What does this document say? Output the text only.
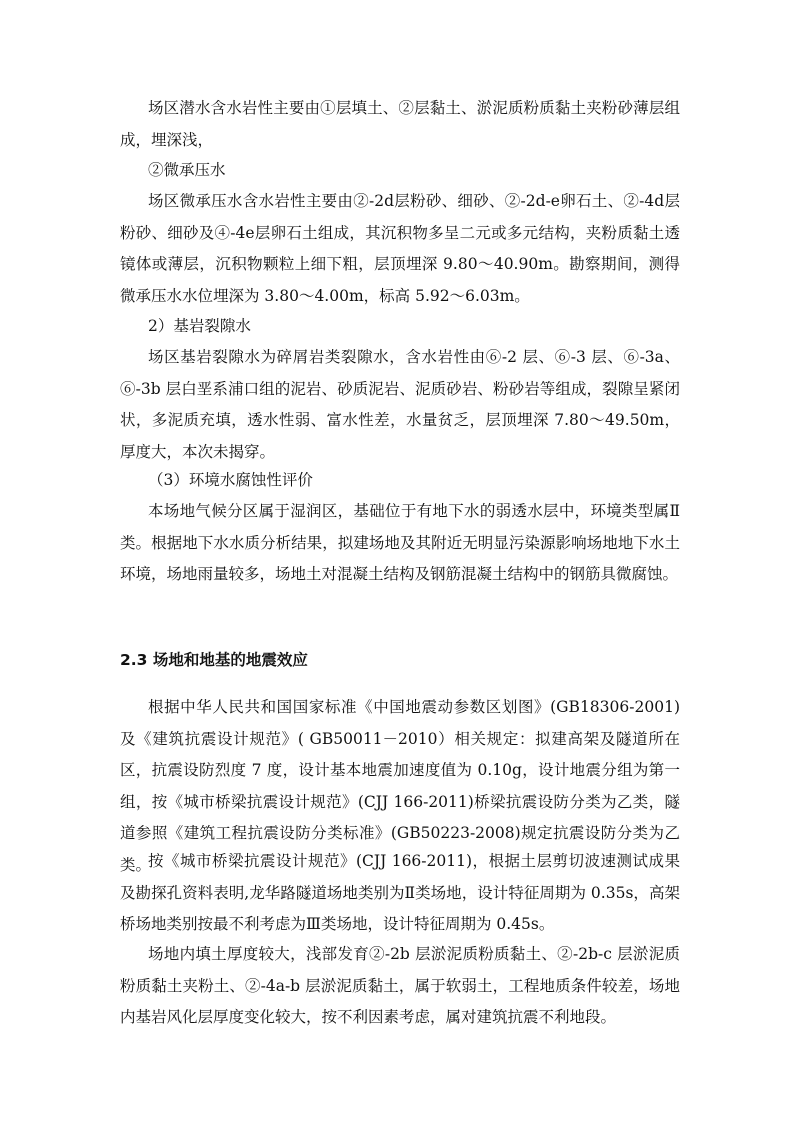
场区潜水含水岩性主要由①层填土、②层黏土、淤泥质粉质黏土夹粉砂薄层组成，埋深浅，

②微承压水

场区微承压水含水岩性主要由②-2d层粉砂、细砂、②-2d-e卵石土、②-4d层粉砂、细砂及④-4e层卵石土组成，其沉积物多呈二元或多元结构，夹粉质黏土透镜体或薄层，沉积物颗粒上细下粗，层顶埋深 9.80～40.90m。勘察期间，测得微承压水水位埋深为 3.80～4.00m，标高 5.92～6.03m。

2）基岩裂隙水

场区基岩裂隙水为碎屑岩类裂隙水，含水岩性由⑥-2 层、⑥-3 层、⑥-3a、⑥-3b 层白垩系浦口组的泥岩、砂质泥岩、泥质砂岩、粉砂岩等组成，裂隙呈紧闭状，多泥质充填，透水性弱、富水性差，水量贫乏，层顶埋深 7.80～49.50m，厚度大，本次未揭穿。

（3）环境水腐蚀性评价

本场地气候分区属于湿润区，基础位于有地下水的弱透水层中，环境类型属Ⅱ类。根据地下水水质分析结果，拟建场地及其附近无明显污染源影响场地地下水土环境，场地雨量较多，场地土对混凝土结构及钢筋混凝土结构中的钢筋具微腐蚀。

2.3 场地和地基的地震效应

根据中华人民共和国国家标准《中国地震动参数区划图》(GB18306-2001)及《建筑抗震设计规范》( GB50011－2010）相关规定：拟建高架及隧道所在区，抗震设防烈度 7 度，设计基本地震加速度值为 0.10g，设计地震分组为第一组，按《城市桥梁抗震设计规范》(CJJ 166-2011)桥梁抗震设防分类为乙类，隧道参照《建筑工程抗震设防分类标准》(GB50223-2008)规定抗震设防分类为乙类。

按《城市桥梁抗震设计规范》(CJJ 166-2011)，根据土层剪切波速测试成果及勘探孔资料表明,龙华路隧道场地类别为Ⅱ类场地，设计特征周期为 0.35s，高架桥场地类别按最不利考虑为Ⅲ类场地，设计特征周期为 0.45s。

场地内填土厚度较大，浅部发育②-2b 层淤泥质粉质黏土、②-2b-c 层淤泥质粉质黏土夹粉土、②-4a-b 层淤泥质黏土，属于软弱土，工程地质条件较差，场地内基岩风化层厚度变化较大，按不利因素考虑，属对建筑抗震不利地段。
